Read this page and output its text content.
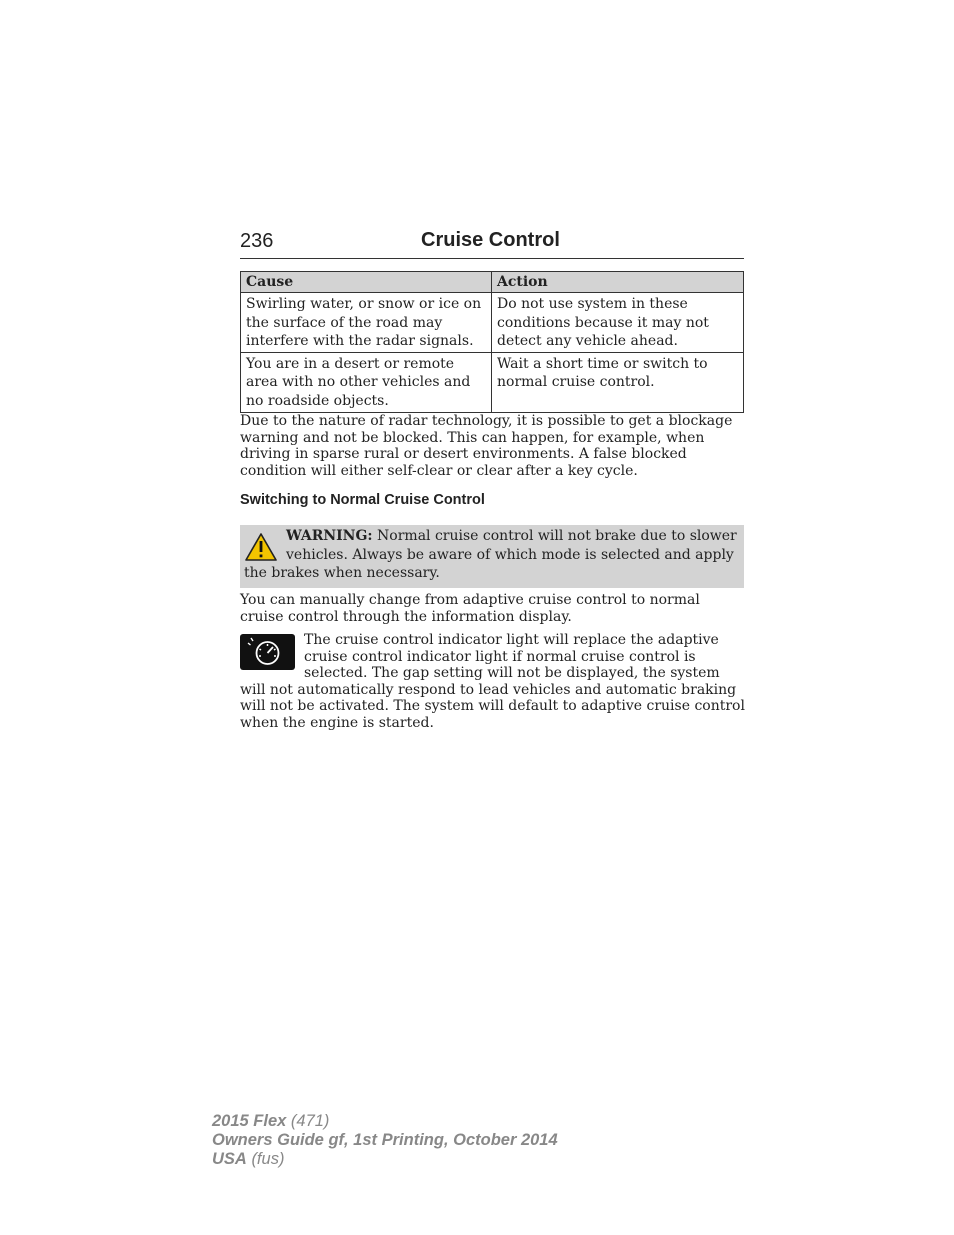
236	Cruise Control
Cause	Action
Swirling water, or snow or ice on the surface of the road may interfere with the radar signals.	Do not use system in these conditions because it may not detect any vehicle ahead.
You are in a desert or remote area with no other vehicles and no roadside objects.	Wait a short time or switch to normal cruise control.

Due to the nature of radar technology, it is possible to get a blockage warning and not be blocked. This can happen, for example, when driving in sparse rural or desert environments. A false blocked condition will either self-clear or clear after a key cycle.

Switching to Normal Cruise Control

WARNING: Normal cruise control will not brake due to slower vehicles. Always be aware of which mode is selected and apply the brakes when necessary.

You can manually change from adaptive cruise control to normal cruise control through the information display.

The cruise control indicator light will replace the adaptive cruise control indicator light if normal cruise control is selected. The gap setting will not be displayed, the system will not automatically respond to lead vehicles and automatic braking will not be activated. The system will default to adaptive cruise control when the engine is started.

2015 Flex (471)
Owners Guide gf, 1st Printing, October 2014
USA (fus)
